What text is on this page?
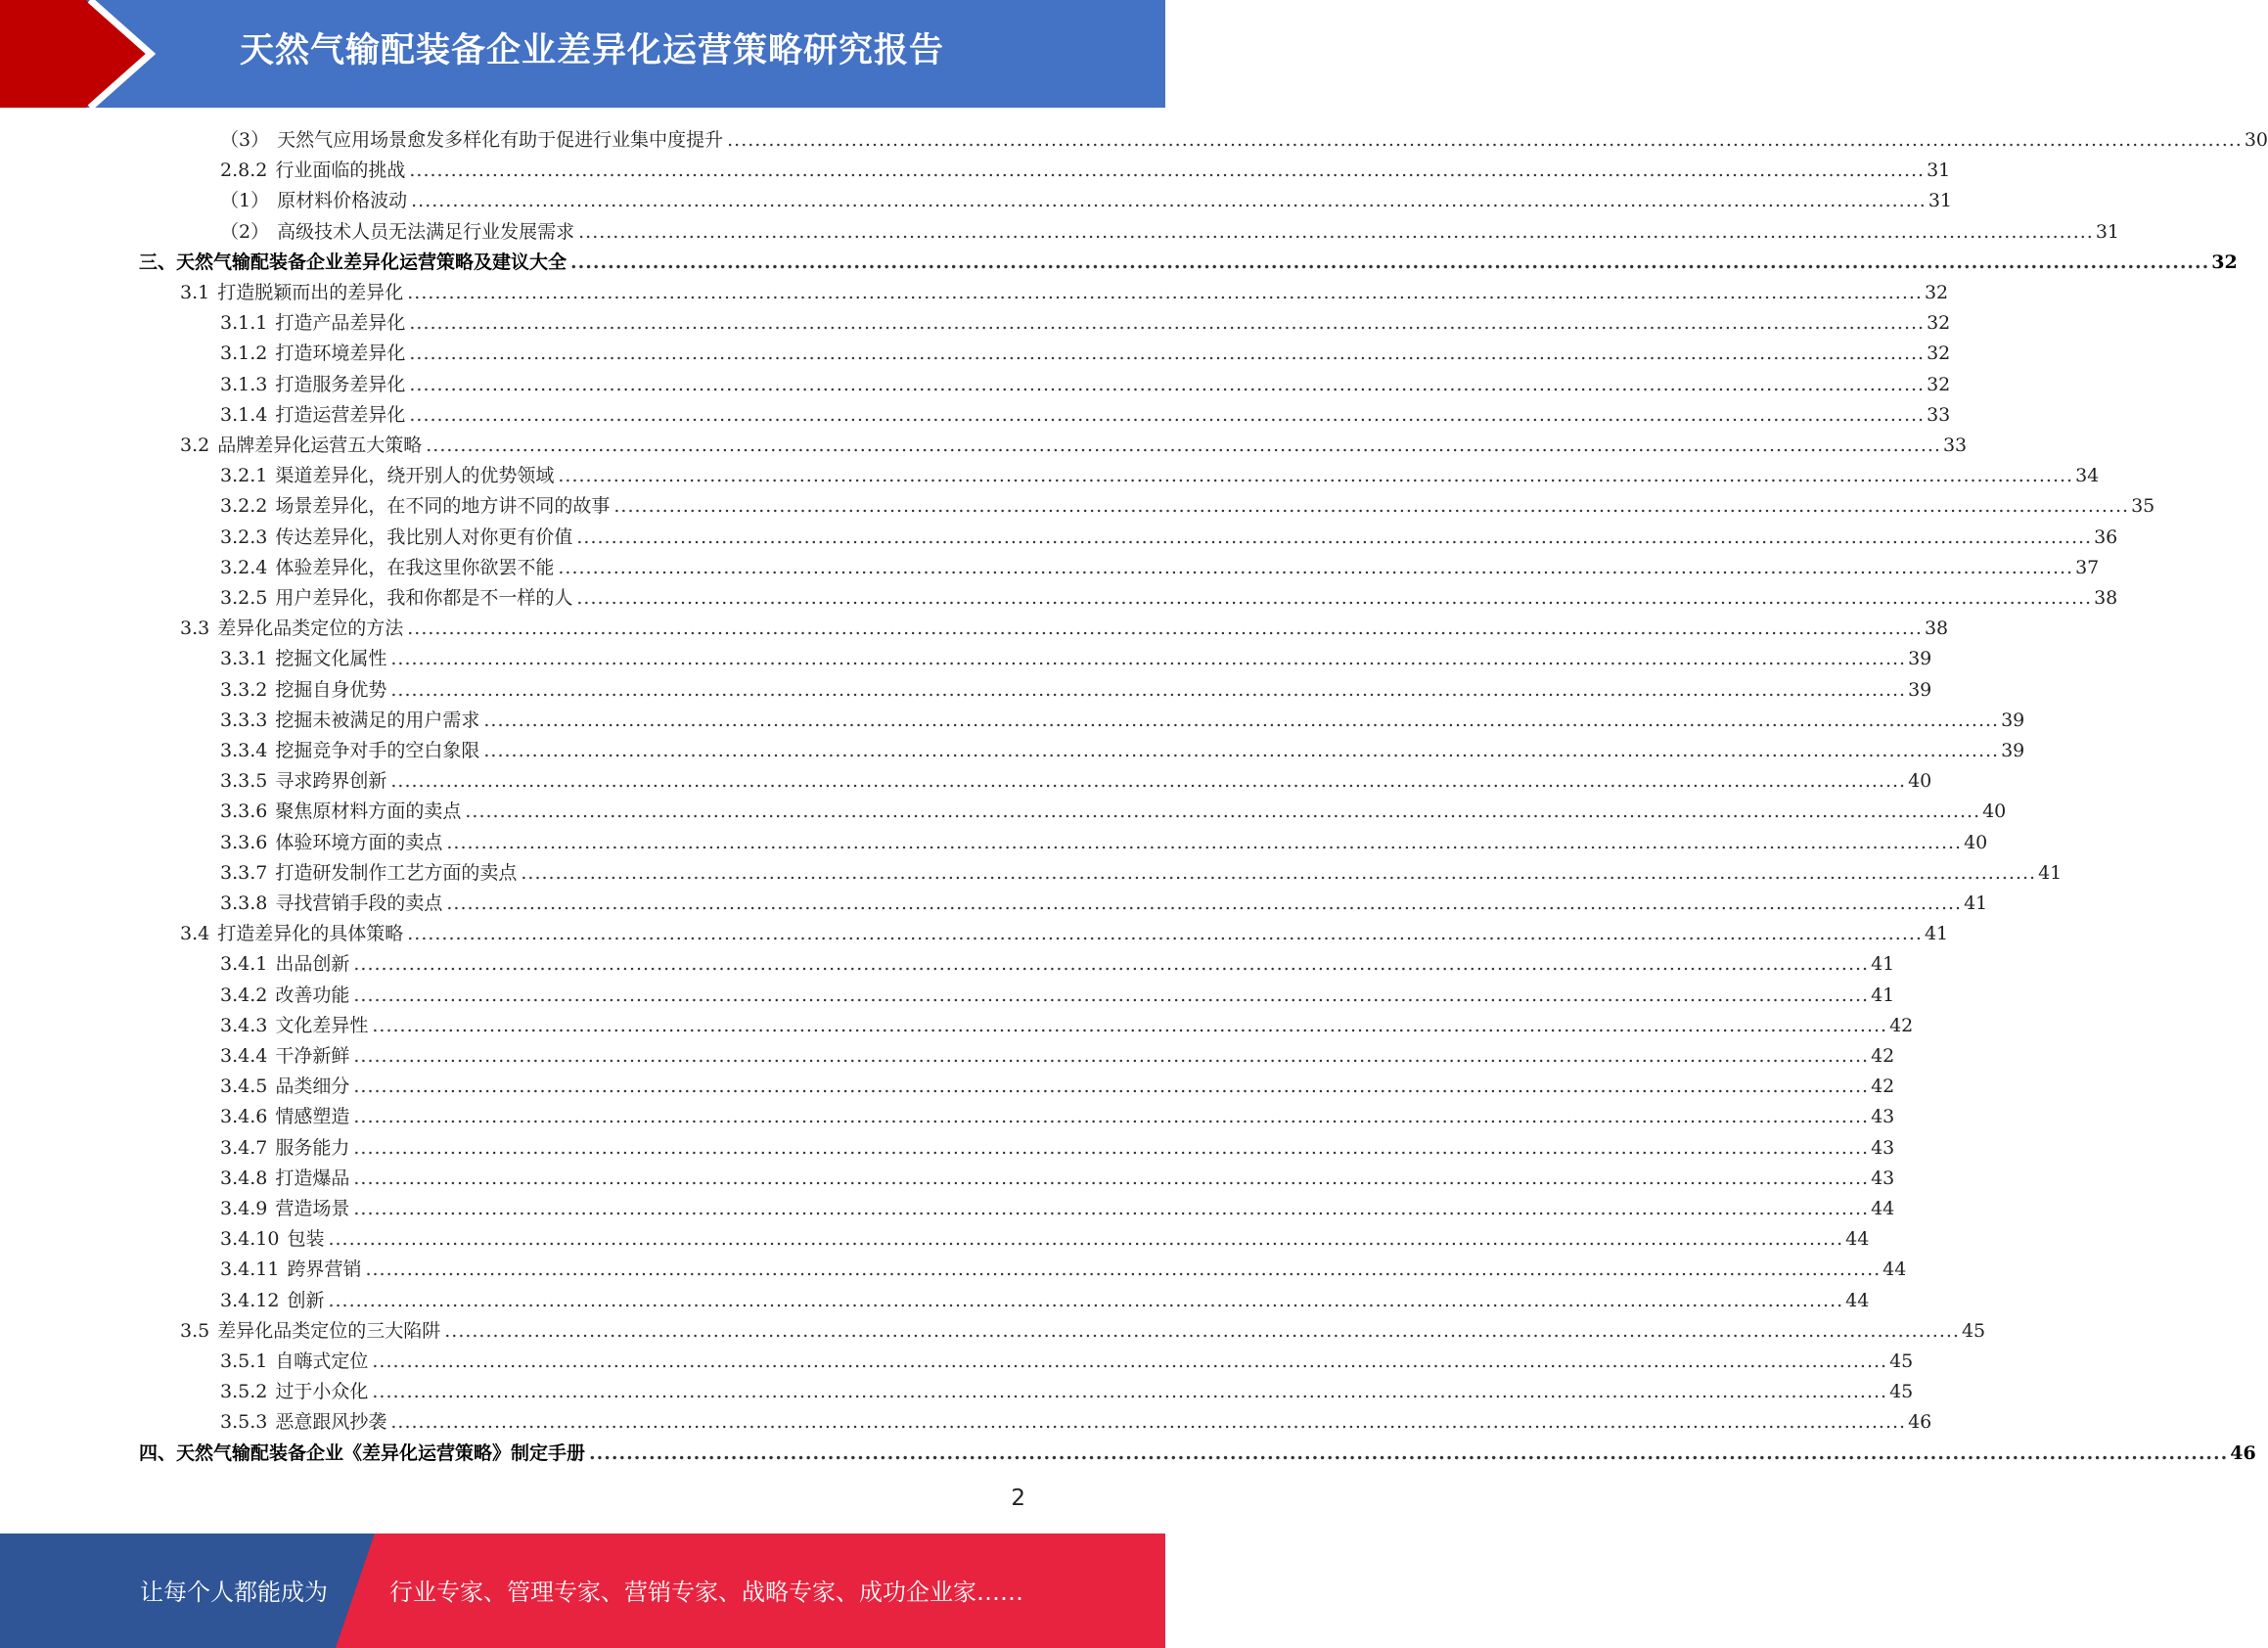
天然气输配装备企业差异化运营策略研究报告
（3） 天然气应用场景愈发多样化有助于促进行业集中度提升 ............................................................................................................................................................................................................................ 30
2.8.2 行业面临的挑战 ............................................................................................................................................................................................................................ 31
（1） 原材料价格波动 ............................................................................................................................................................................................................................ 31
（2） 高级技术人员无法满足行业发展需求 ............................................................................................................................................................................................................................ 31
三、 天然气输配装备企业差异化运营策略及建议大全 ............................................................................................................................................................................................................................ 32
3.1 打造脱颖而出的差异化 ............................................................................................................................................................................................................................ 32
3.1.1 打造产品差异化 ............................................................................................................................................................................................................................ 32
3.1.2 打造环境差异化 ............................................................................................................................................................................................................................ 32
3.1.3 打造服务差异化 ............................................................................................................................................................................................................................ 32
3.1.4 打造运营差异化 ............................................................................................................................................................................................................................ 33
3.2 品牌差异化运营五大策略 ............................................................................................................................................................................................................................ 33
3.2.1 渠道差异化，绕开别人的优势领域 ............................................................................................................................................................................................................................ 34
3.2.2 场景差异化，在不同的地方讲不同的故事 ............................................................................................................................................................................................................................ 35
3.2.3 传达差异化，我比别人对你更有价值 ............................................................................................................................................................................................................................ 36
3.2.4 体验差异化，在我这里你欲罢不能 ............................................................................................................................................................................................................................ 37
3.2.5 用户差异化，我和你都是不一样的人 ............................................................................................................................................................................................................................ 38
3.3 差异化品类定位的方法 ............................................................................................................................................................................................................................ 38
3.3.1 挖掘文化属性 ............................................................................................................................................................................................................................ 39
3.3.2 挖掘自身优势 ............................................................................................................................................................................................................................ 39
3.3.3 挖掘未被满足的用户需求 ............................................................................................................................................................................................................................ 39
3.3.4 挖掘竞争对手的空白象限 ............................................................................................................................................................................................................................ 39
3.3.5 寻求跨界创新 ............................................................................................................................................................................................................................ 40
3.3.6 聚焦原材料方面的卖点 ............................................................................................................................................................................................................................ 40
3.3.6 体验环境方面的卖点 ............................................................................................................................................................................................................................ 40
3.3.7 打造研发制作工艺方面的卖点 ............................................................................................................................................................................................................................ 41
3.3.8 寻找营销手段的卖点 ............................................................................................................................................................................................................................ 41
3.4 打造差异化的具体策略 ............................................................................................................................................................................................................................ 41
3.4.1 出品创新 ............................................................................................................................................................................................................................ 41
3.4.2 改善功能 ............................................................................................................................................................................................................................ 41
3.4.3 文化差异性 ............................................................................................................................................................................................................................ 42
3.4.4 干净新鲜 ............................................................................................................................................................................................................................ 42
3.4.5 品类细分 ............................................................................................................................................................................................................................ 42
3.4.6 情感塑造 ............................................................................................................................................................................................................................ 43
3.4.7 服务能力 ............................................................................................................................................................................................................................ 43
3.4.8 打造爆品 ............................................................................................................................................................................................................................ 43
3.4.9 营造场景 ............................................................................................................................................................................................................................ 44
3.4.10 包装 ............................................................................................................................................................................................................................ 44
3.4.11 跨界营销 ............................................................................................................................................................................................................................ 44
3.4.12 创新 ............................................................................................................................................................................................................................ 44
3.5 差异化品类定位的三大陷阱 ............................................................................................................................................................................................................................ 45
3.5.1 自嗨式定位 ............................................................................................................................................................................................................................ 45
3.5.2 过于小众化 ............................................................................................................................................................................................................................ 45
3.5.3 恶意跟风抄袭 ............................................................................................................................................................................................................................ 46
四、 天然气输配装备企业《差异化运营策略》制定手册 ............................................................................................................................................................................................................................ 46
2
让每个人都能成为	行业专家、管理专家、营销专家、战略专家、成功企业家……
